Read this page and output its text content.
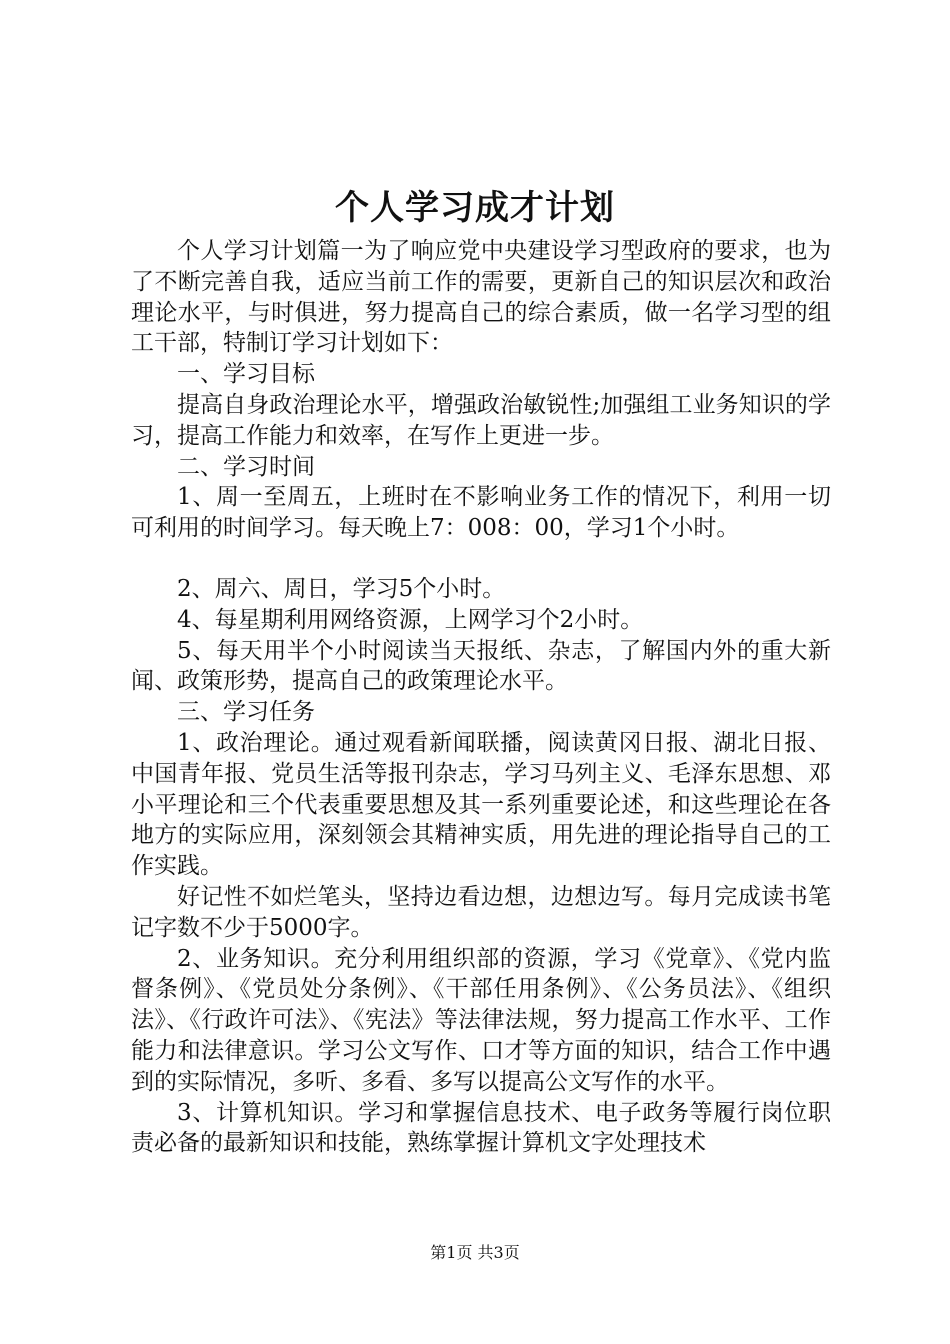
个人学习成才计划

个人学习计划篇一为了响应党中央建设学习型政府的要求，也为了不断完善自我，适应当前工作的需要，更新自己的知识层次和政治理论水平，与时俱进，努力提高自己的综合素质，做一名学习型的组工干部，特制订学习计划如下：

一、学习目标

提高自身政治理论水平，增强政治敏锐性;加强组工业务知识的学习，提高工作能力和效率，在写作上更进一步。

二、学习时间

1、周一至周五，上班时在不影响业务工作的情况下，利用一切可利用的时间学习。每天晚上7：008：00，学习1个小时。

2、周六、周日，学习5个小时。

4、每星期利用网络资源，上网学习个2小时。

5、每天用半个小时阅读当天报纸、杂志，了解国内外的重大新闻、政策形势，提高自己的政策理论水平。

三、学习任务

1、政治理论。通过观看新闻联播，阅读黄冈日报、湖北日报、中国青年报、党员生活等报刊杂志，学习马列主义、毛泽东思想、邓小平理论和三个代表重要思想及其一系列重要论述，和这些理论在各地方的实际应用，深刻领会其精神实质，用先进的理论指导自己的工作实践。

好记性不如烂笔头，坚持边看边想，边想边写。每月完成读书笔记字数不少于5000字。

2、业务知识。充分利用组织部的资源，学习《党章》、《党内监督条例》、《党员处分条例》、《干部任用条例》、《公务员法》、《组织法》、《行政许可法》、《宪法》等法律法规，努力提高工作水平、工作能力和法律意识。学习公文写作、口才等方面的知识，结合工作中遇到的实际情况，多听、多看、多写以提高公文写作的水平。

3、计算机知识。学习和掌握信息技术、电子政务等履行岗位职责必备的最新知识和技能，熟练掌握计算机文字处理技术

第1页 共3页
